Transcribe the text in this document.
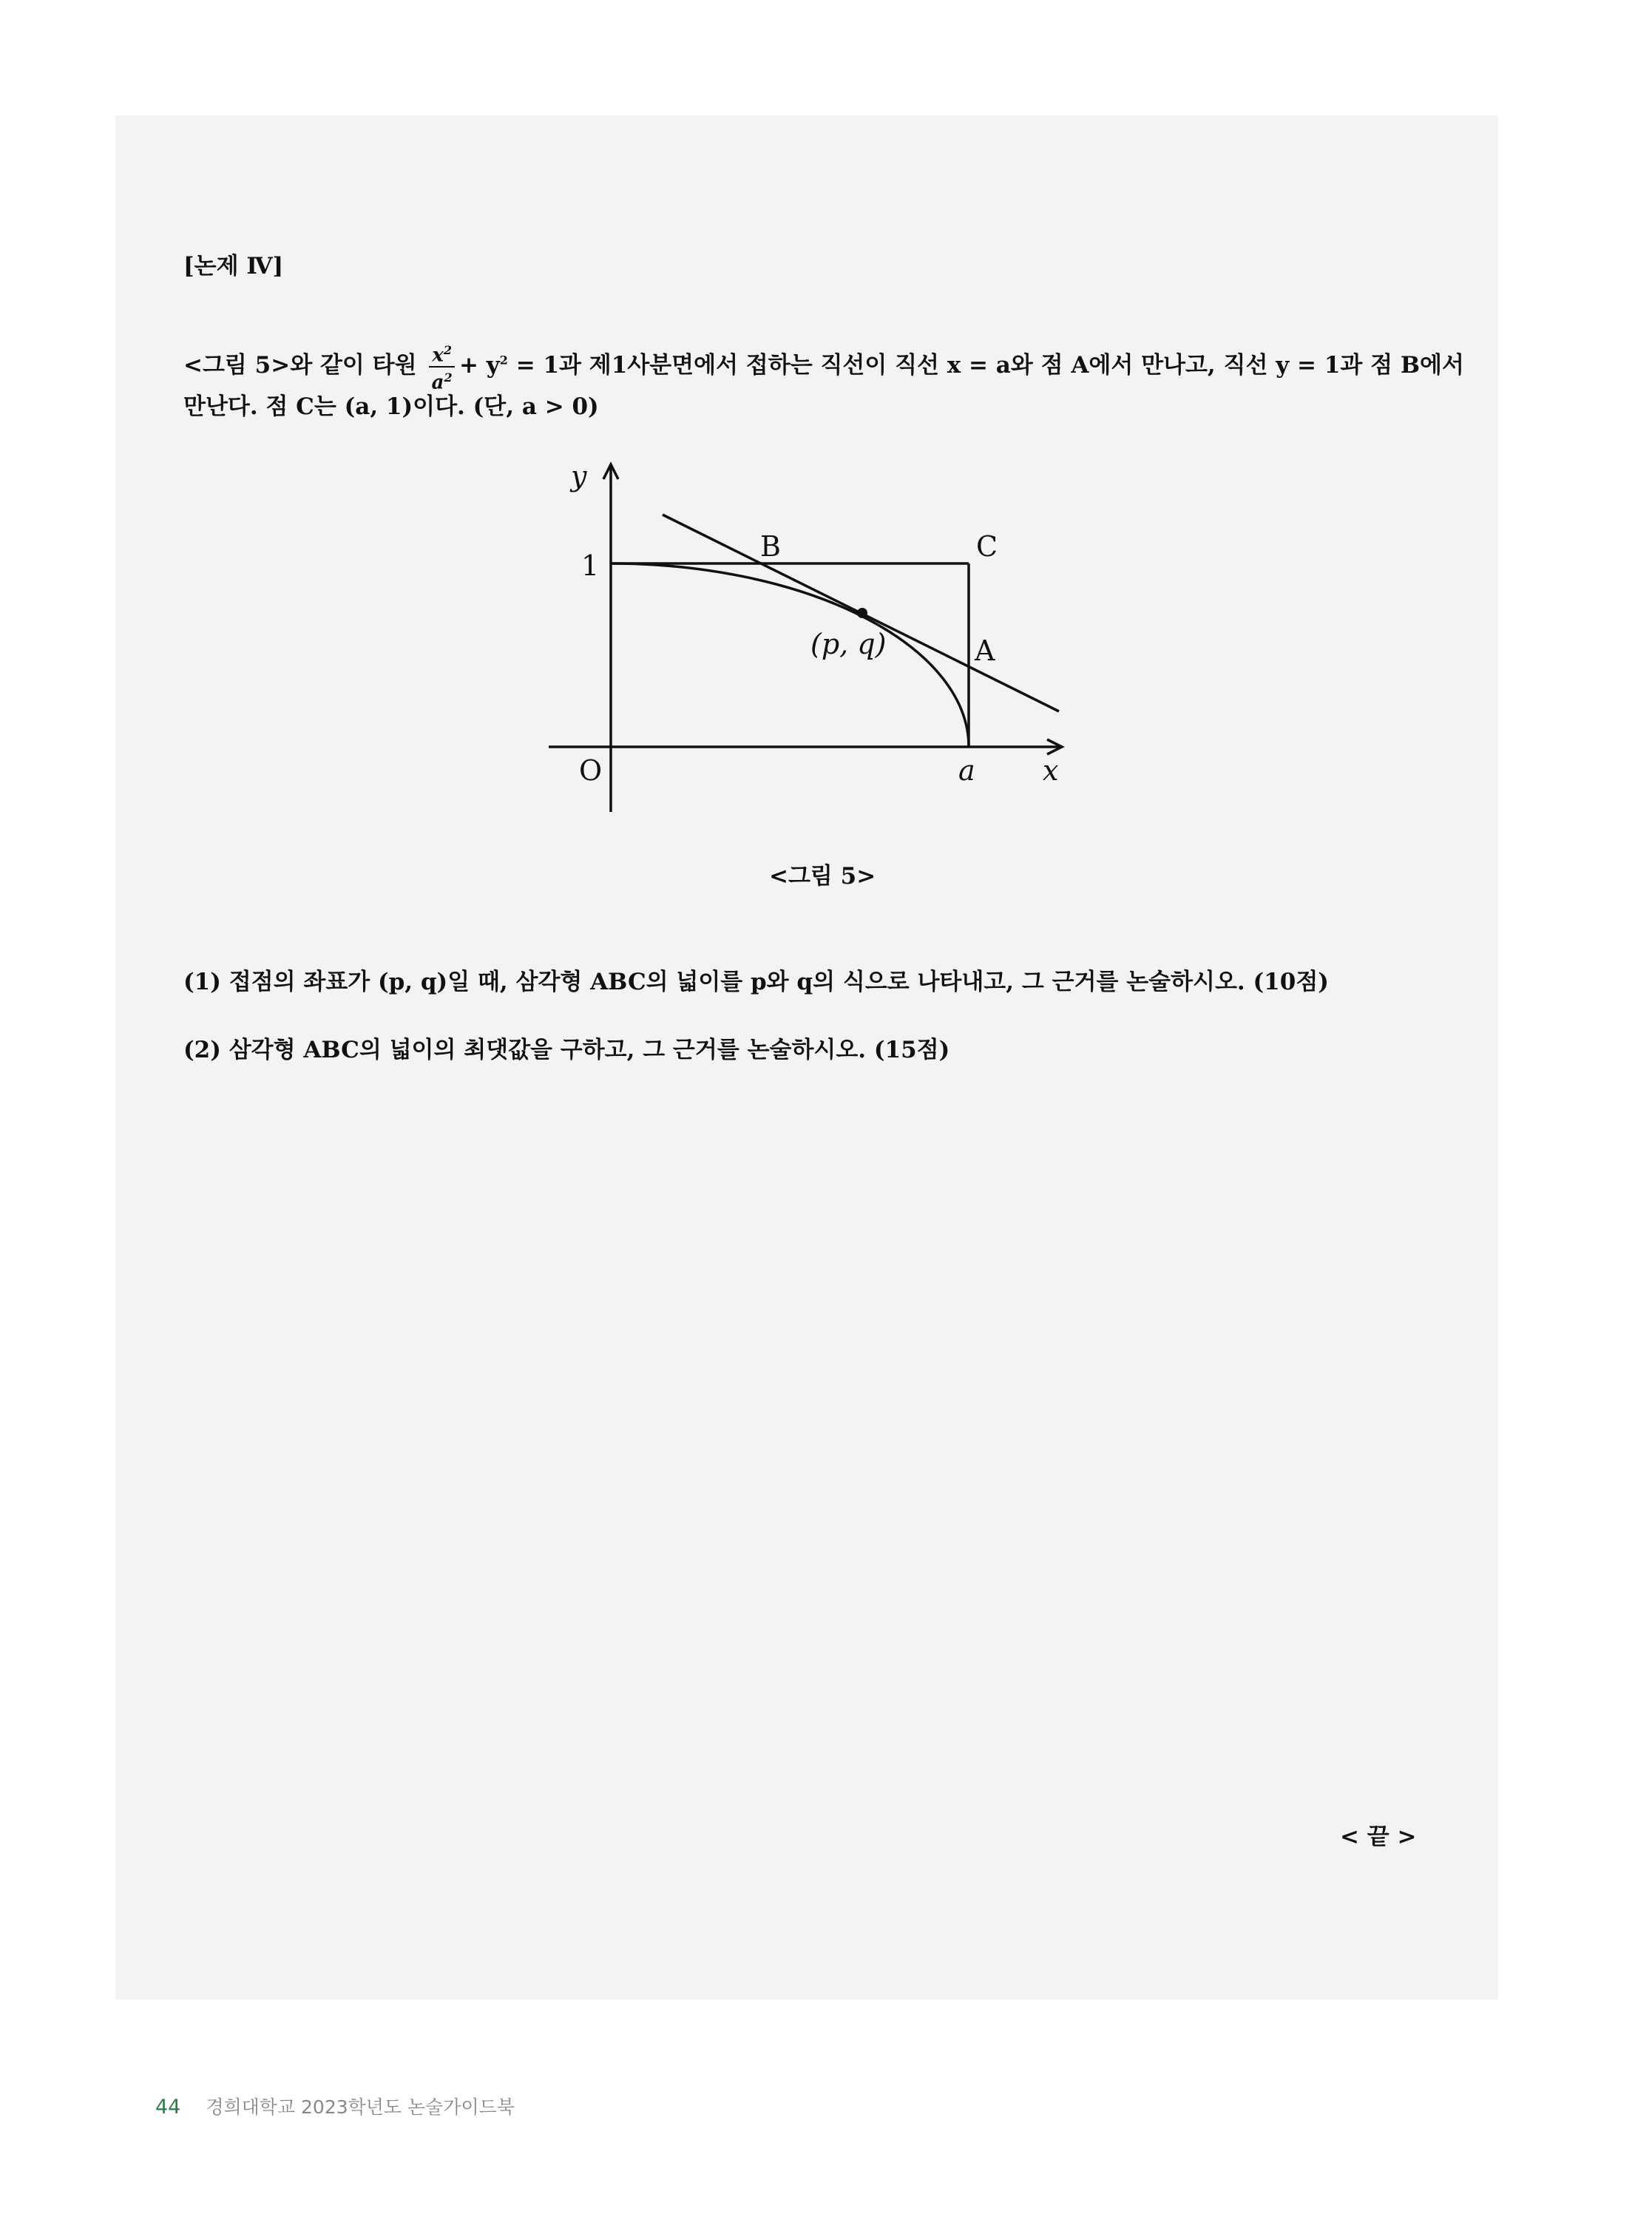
[논제 Ⅳ]
<그림 5>와 같이 타원 $\frac{x^2}{a^2} + y^2 = 1$과 제1사분면에서 접하는 직선이 직선 x = a와 점 A에서 만나고, 직선 y = 1과 점 B에서
만난다. 점 C는 (a, 1)이다. (단, a > 0)
y
1
O	a x
B	C
A
(p, q)
<그림 5>
(1) 접점의 좌표가 (p, q)일 때, 삼각형 ABC의 넓이를 p와 q의 식으로 나타내고, 그 근거를 논술하시오. (10점)
(2) 삼각형 ABC의 넓이의 최댓값을 구하고, 그 근거를 논술하시오. (15점)
< 끝 >
44 경희대학교 2023학년도 논술가이드북
